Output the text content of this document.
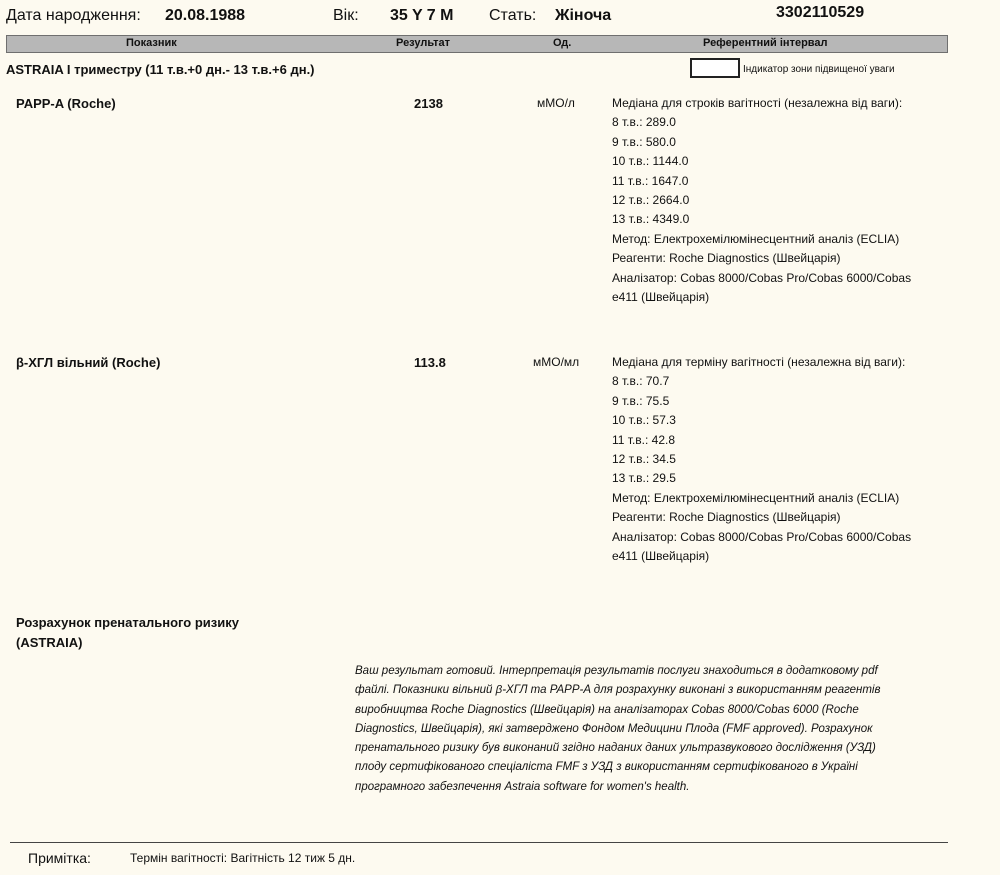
Дата народження: 20.08.1988	Вік: 35 Y 7 M Стать: Жіноча	3302110529
Показник	Результат	Од.	Референтний інтервал
ASTRAIA I триместру (11 т.в.+0 дн.- 13 т.в.+6 дн.)	Індикатор зони підвищеної уваги
PAPP-A (Roche)	2138	мМО/л	Медіана для строків вагітності (незалежна від ваги):
8 т.в.: 289.0
9 т.в.: 580.0
10 т.в.: 1144.0
11 т.в.: 1647.0
12 т.в.: 2664.0
13 т.в.: 4349.0
Метод: Електрохемілюмінесцентний аналіз (ECLIA)
Реагенти: Roche Diagnostics (Швейцарія)
Аналізатор: Cobas 8000/Cobas Pro/Cobas 6000/Cobas e411 (Швейцарія)
β-ХГЛ вільний (Roche)	113.8	мМО/мл	Медіана для терміну вагітності (незалежна від ваги):
8 т.в.: 70.7
9 т.в.: 75.5
10 т.в.: 57.3
11 т.в.: 42.8
12 т.в.: 34.5
13 т.в.: 29.5
Метод: Електрохемілюмінесцентний аналіз (ECLIA)
Реагенти: Roche Diagnostics (Швейцарія)
Аналізатор: Cobas 8000/Cobas Pro/Cobas 6000/Cobas e411 (Швейцарія)
Розрахунок пренатального ризику (ASTRAIA)
Ваш результат готовий. Інтерпретація результатів послуги знаходиться в додатковому pdf файлі. Показники вільний β-ХГЛ та PAPP-A для розрахунку виконані з використанням реагентів виробництва Roche Diagnostics (Швейцарія) на аналізаторах Cobas 8000/Cobas 6000 (Roche Diagnostics, Швейцарія), які затверджено Фондом Медицини Плода (FMF approved). Розрахунок пренатального ризику був виконаний згідно наданих даних ультразвукового дослідження (УЗД) плоду сертифікованого спеціаліста FMF з УЗД з використанням сертифікованого в Україні програмного забезпечення Astraia software for women's health.
Примітка:	Термін вагітності: Вагітність 12 тиж 5 дн.
